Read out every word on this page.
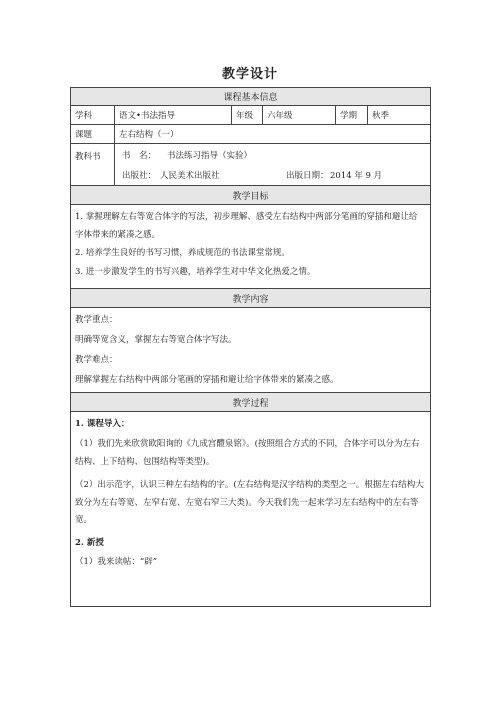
教学设计
课程基本信息
学科	语文•书法指导	年级	六年级	学期	秋季
课题	左右结构（一）
教科书	书　名： 书法练习指导（实验）
出版社： 人民美术出版社	出版日期： 2014 年 9 月
教学目标
1. 掌握理解左右等宽合体字的写法，初步理解、感受左右结构中两部分笔画的穿插和避让给字体带来的紧凑之感。
2. 培养学生良好的书写习惯，养成规范的书法课堂常规。
3. 进一步激发学生的书写兴趣，培养学生对中华文化热爱之情。
教学内容
教学重点：
明确等宽含义，掌握左右等宽合体字写法。
教学难点：
理解掌握左右结构中两部分笔画的穿插和避让给字体带来的紧凑之感。
教学过程
1. 课程导入：
（1）我们先来欣赏欧阳询的《九成宫醴泉铭》。(按照组合方式的不同，合体字可以分为左右结构、上下结构、包围结构等类型)。
（2）出示范字，认识三种左右结构的字。(左右结构是汉字结构的类型之一。根据左右结构大致分为左右等宽、左窄右宽、左宽右窄三大类)。今天我们先一起来学习左右结构中的左右等宽。
2. 新授
（1）我来读帖：“辟”
